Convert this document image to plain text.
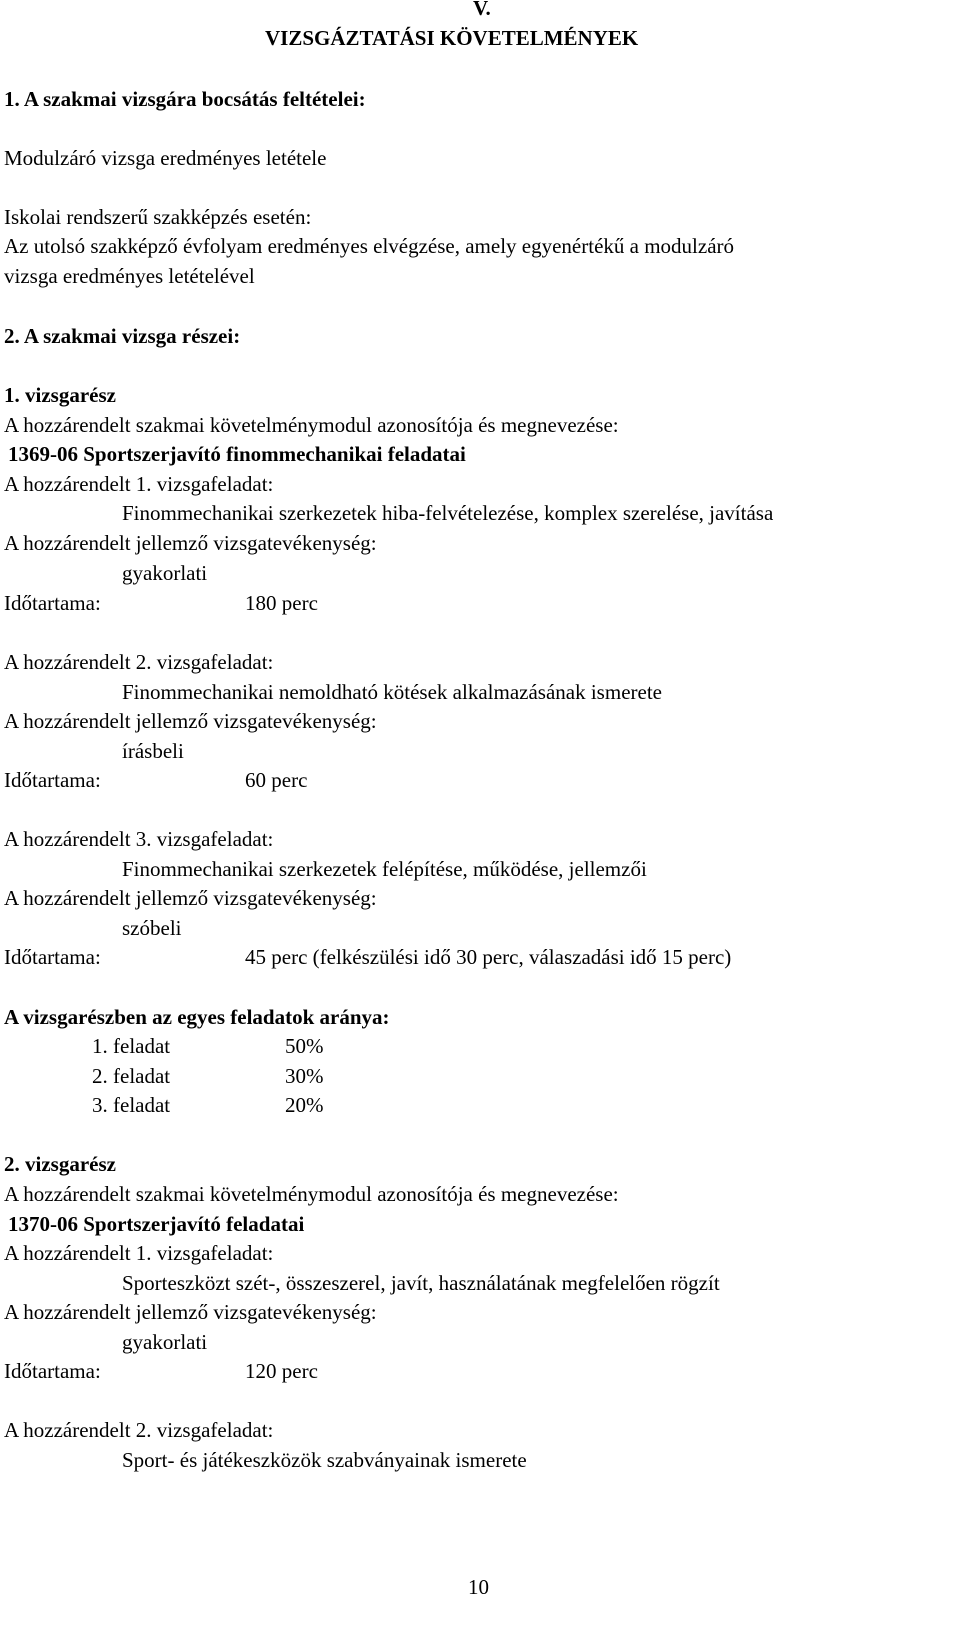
V.
VIZSGÁZTATÁSI KÖVETELMÉNYEK
1. A szakmai vizsgára bocsátás feltételei:
Modulzáró vizsga eredményes letétele
Iskolai rendszerű szakképzés esetén:
Az utolsó szakképző évfolyam eredményes elvégzése, amely egyenértékű a modulzáró
vizsga eredményes letételével
2. A szakmai vizsga részei:
1. vizsgarész
A hozzárendelt szakmai követelménymodul azonosítója és megnevezése:
1369-06 Sportszerjavító finommechanikai feladatai
A hozzárendelt 1. vizsgafeladat:
Finommechanikai szerkezetek hiba-felvételezése, komplex szerelése, javítása
A hozzárendelt jellemző vizsgatevékenység:
gyakorlati
Időtartama:	180 perc
A hozzárendelt 2. vizsgafeladat:
Finommechanikai nemoldható kötések alkalmazásának ismerete
A hozzárendelt jellemző vizsgatevékenység:
írásbeli
Időtartama:	60 perc
A hozzárendelt 3. vizsgafeladat:
Finommechanikai szerkezetek felépítése, működése, jellemzői
A hozzárendelt jellemző vizsgatevékenység:
szóbeli
Időtartama:	45 perc (felkészülési idő 30 perc, válaszadási idő 15 perc)
A vizsgarészben az egyes feladatok aránya:
1. feladat	50%
2. feladat	30%
3. feladat	20%
2. vizsgarész
A hozzárendelt szakmai követelménymodul azonosítója és megnevezése:
1370-06 Sportszerjavító feladatai
A hozzárendelt 1. vizsgafeladat:
Sporteszközt szét-, összeszerel, javít, használatának megfelelően rögzít
A hozzárendelt jellemző vizsgatevékenység:
gyakorlati
Időtartama:	120 perc
A hozzárendelt 2. vizsgafeladat:
Sport- és játékeszközök szabványainak ismerete
10
